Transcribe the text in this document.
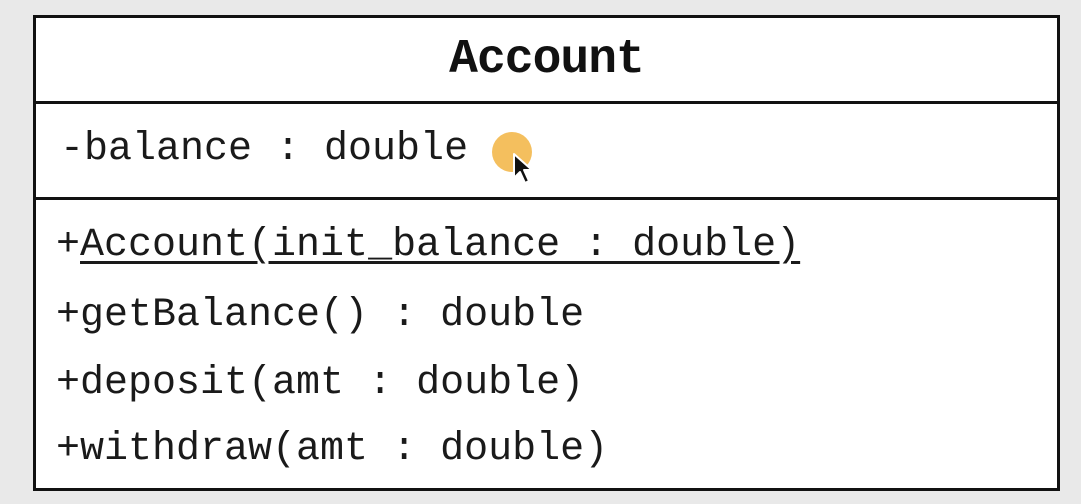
Account
-balance : double
+Account(init_balance : double)
+getBalance() : double
+deposit(amt : double)
+withdraw(amt : double)
